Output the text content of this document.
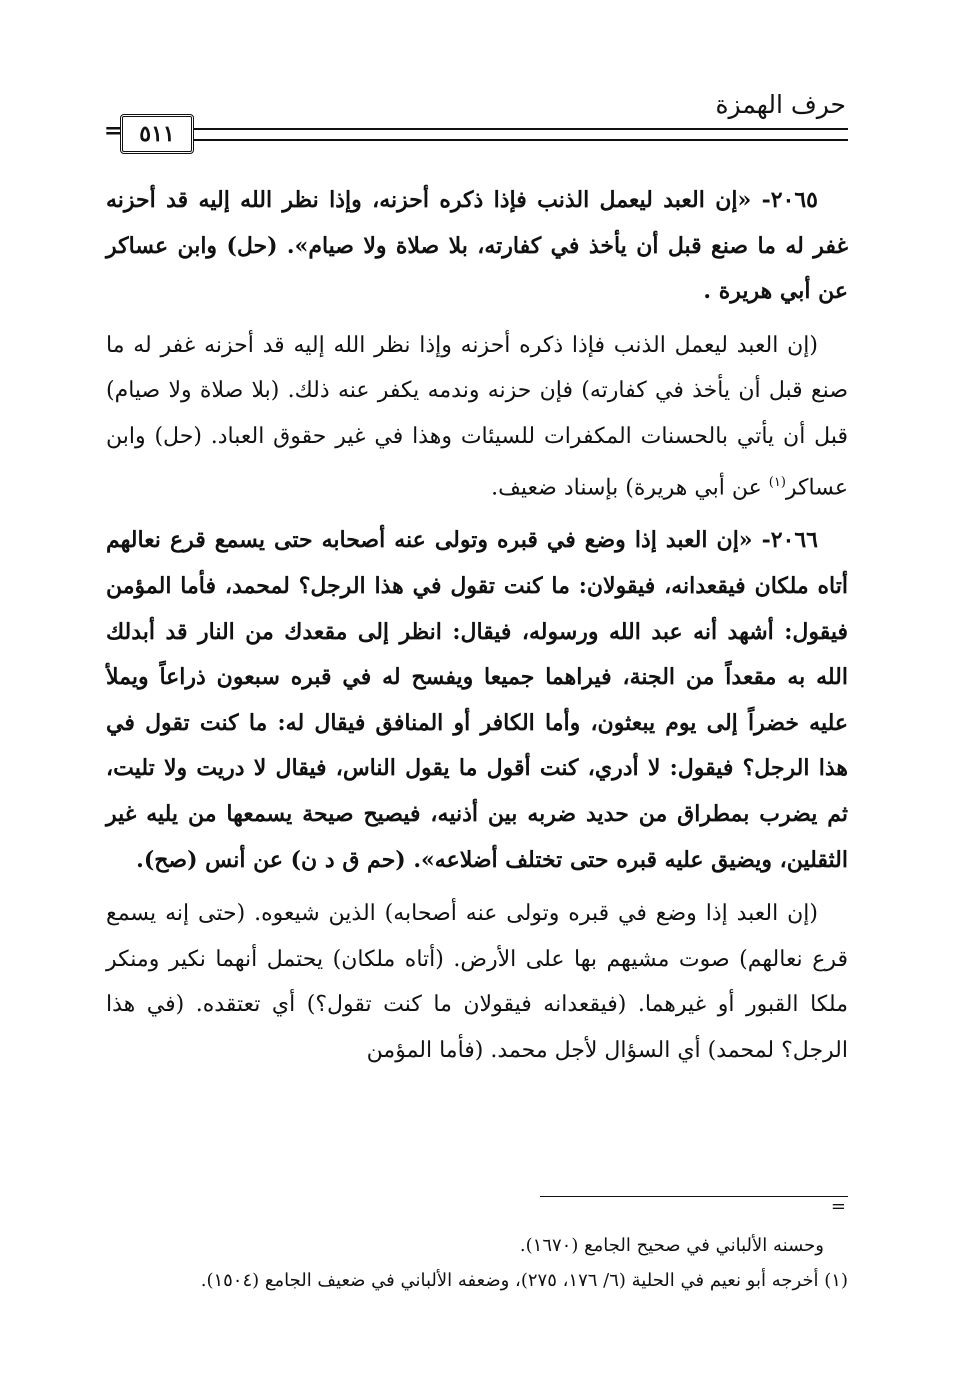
حرف الهمزة
= ٥١١

٢٠٦٥- «إن العبد ليعمل الذنب فإذا ذكره أحزنه، وإذا نظر الله إليه قد أحزنه غفر له ما صنع قبل أن يأخذ في كفارته، بلا صلاة ولا صيام». (حل) وابن عساكر عن أبي هريرة .

(إن العبد ليعمل الذنب فإذا ذكره أحزنه وإذا نظر الله إليه قد أحزنه غفر له ما صنع قبل أن يأخذ في كفارته) فإن حزنه وندمه يكفر عنه ذلك. (بلا صلاة ولا صيام) قبل أن يأتي بالحسنات المكفرات للسيئات وهذا في غير حقوق العباد. (حل) وابن عساكر$^{(١)}$ عن أبي هريرة) بإسناد ضعيف.

٢٠٦٦- «إن العبد إذا وضع في قبره وتولى عنه أصحابه حتى يسمع قرع نعالهم أتاه ملكان فيقعدانه، فيقولان: ما كنت تقول في هذا الرجل؟ لمحمد، فأما المؤمن فيقول: أشهد أنه عبد الله ورسوله، فيقال: انظر إلى مقعدك من النار قد أبدلك الله به مقعداً من الجنة، فيراهما جميعا ويفسح له في قبره سبعون ذراعاً ويملأ عليه خضراً إلى يوم يبعثون، وأما الكافر أو المنافق فيقال له: ما كنت تقول في هذا الرجل؟ فيقول: لا أدري، كنت أقول ما يقول الناس، فيقال لا دريت ولا تليت، ثم يضرب بمطراق من حديد ضربه بين أذنيه، فيصيح صيحة يسمعها من يليه غير الثقلين، ويضيق عليه قبره حتى تختلف أضلاعه». (حم ق د ن) عن أنس (صح).

(إن العبد إذا وضع في قبره وتولى عنه أصحابه) الذين شيعوه. (حتى إنه يسمع قرع نعالهم) صوت مشيهم بها على الأرض. (أتاه ملكان) يحتمل أنهما نكير ومنكر ملكا القبور أو غيرهما. (فيقعدانه فيقولان ما كنت تقول؟) أي تعتقده. (في هذا الرجل؟ لمحمد) أي السؤال لأجل محمد. (فأما المؤمن

=

وحسنه الألباني في صحيح الجامع (١٦٧٠).

(١) أخرجه أبو نعيم في الحلية (٦/ ١٧٦، ٢٧٥)، وضعفه الألباني في ضعيف الجامع (١٥٠٤).
